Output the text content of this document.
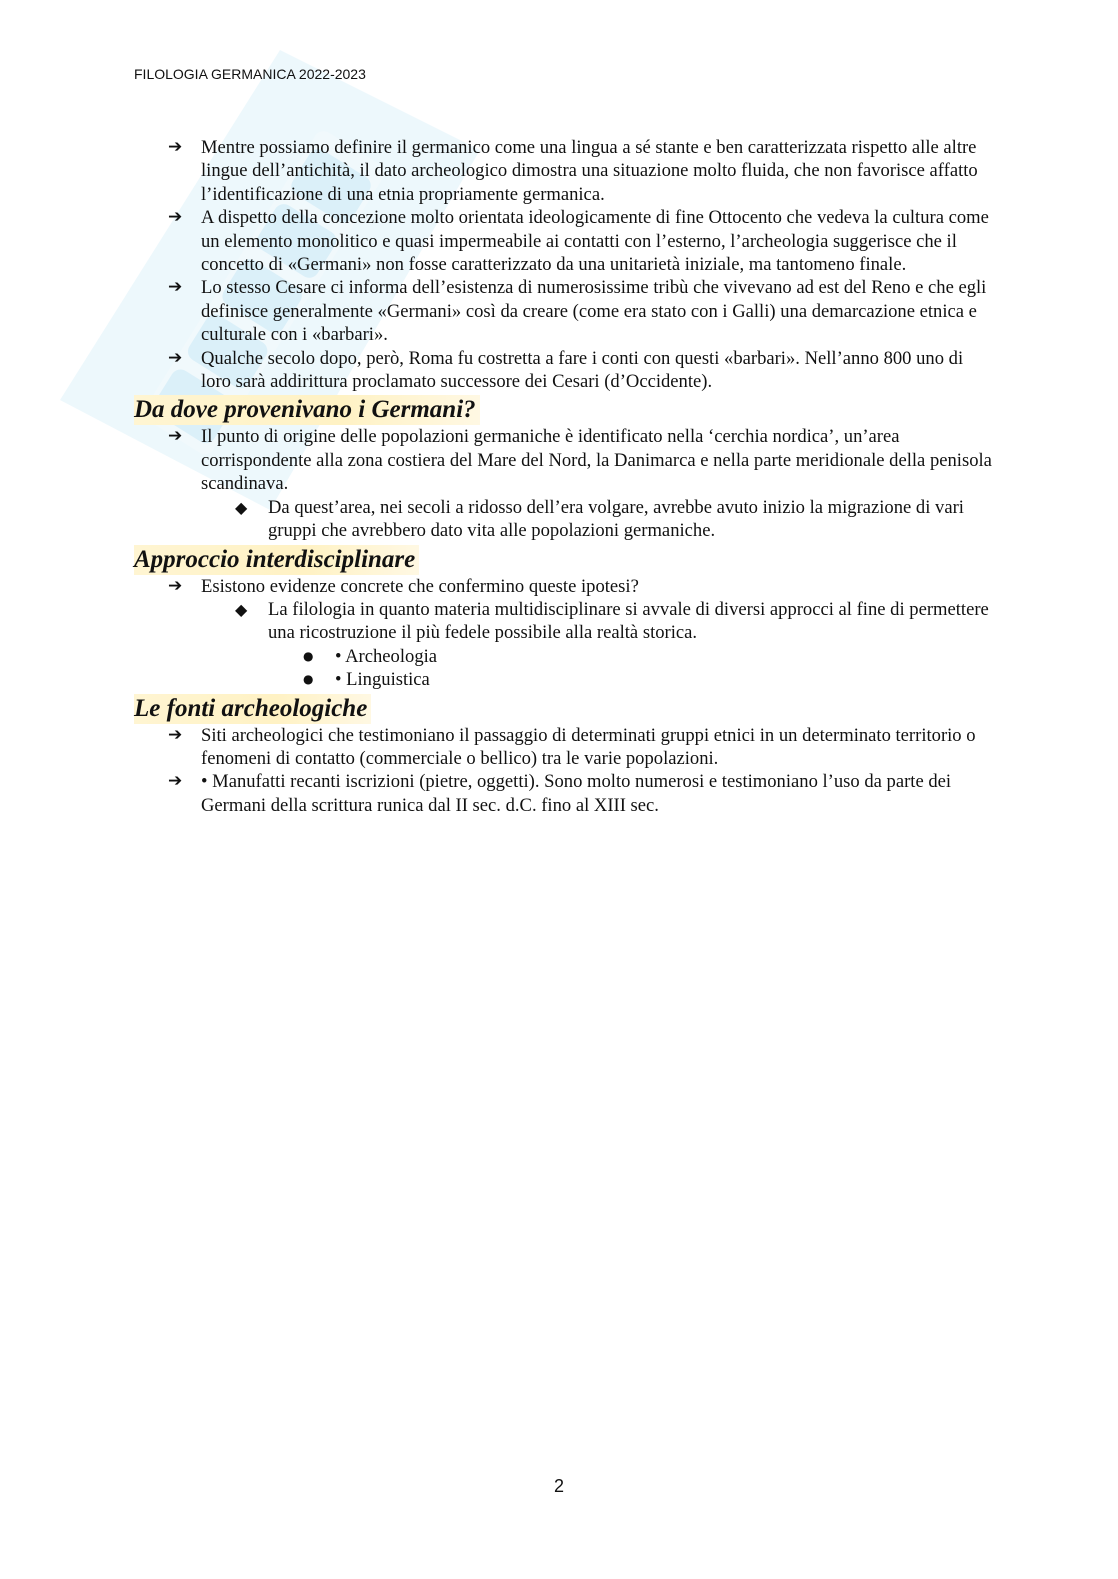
FILOLOGIA GERMANICA 2022-2023
➔ Mentre possiamo definire il germanico come una lingua a sé stante e ben caratterizzata rispetto alle altre lingue dell’antichità, il dato archeologico dimostra una situazione molto fluida, che non favorisce affatto l’identificazione di una etnia propriamente germanica.
➔ A dispetto della concezione molto orientata ideologicamente di fine Ottocento che vedeva la cultura come un elemento monolitico e quasi impermeabile ai contatti con l’esterno, l’archeologia suggerisce che il concetto di «Germani» non fosse caratterizzato da una unitarietà iniziale, ma tantomeno finale.
➔ Lo stesso Cesare ci informa dell’esistenza di numerosissime tribù che vivevano ad est del Reno e che egli definisce generalmente «Germani» così da creare (come era stato con i Galli) una demarcazione etnica e culturale con i «barbari».
➔ Qualche secolo dopo, però, Roma fu costretta a fare i conti con questi «barbari». Nell’anno 800 uno di loro sarà addirittura proclamato successore dei Cesari (d’Occidente).
Da dove provenivano i Germani?
➔ Il punto di origine delle popolazioni germaniche è identificato nella ‘cerchia nordica’, un’area corrispondente alla zona costiera del Mare del Nord, la Danimarca e nella parte meridionale della penisola scandinava.
◆ Da quest’area, nei secoli a ridosso dell’era volgare, avrebbe avuto inizio la migrazione di vari gruppi che avrebbero dato vita alle popolazioni germaniche.
Approccio interdisciplinare
➔ Esistono evidenze concrete che confermino queste ipotesi?
◆ La filologia in quanto materia multidisciplinare si avvale di diversi approcci al fine di permettere una ricostruzione il più fedele possibile alla realtà storica.
● • Archeologia
● • Linguistica
Le fonti archeologiche
➔ Siti archeologici che testimoniano il passaggio di determinati gruppi etnici in un determinato territorio o fenomeni di contatto (commerciale o bellico) tra le varie popolazioni.
➔ • Manufatti recanti iscrizioni (pietre, oggetti). Sono molto numerosi e testimoniano l’uso da parte dei Germani della scrittura runica dal II sec. d.C. fino al XIII sec.
2
